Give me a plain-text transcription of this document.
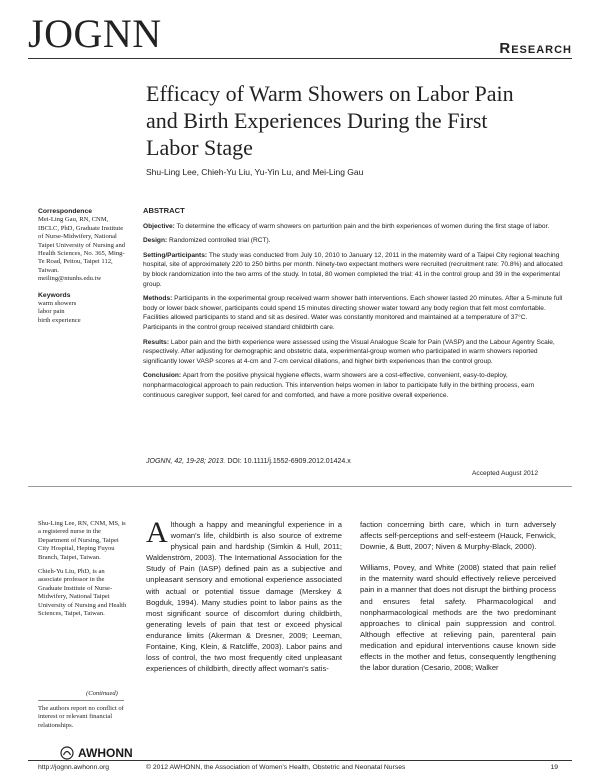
JOGNN	Research
Efficacy of Warm Showers on Labor Pain and Birth Experiences During the First Labor Stage
Shu-Ling Lee, Chieh-Yu Liu, Yu-Yin Lu, and Mei-Ling Gau
Correspondence
Mei-Ling Gau, RN, CNM, IBCLC, PhD, Graduate Institute of Nurse-Midwifery, National Taipei University of Nursing and Health Sciences, No. 365, Ming-Te Road, Peitou, Taipei 112, Taiwan.
meiling@ntunhs.edu.tw
Keywords
warm showers
labor pain
birth experience
ABSTRACT

Objective: To determine the efficacy of warm showers on parturition pain and the birth experiences of women during the first stage of labor.

Design: Randomized controlled trial (RCT).

Setting/Participants: The study was conducted from July 10, 2010 to January 12, 2011 in the maternity ward of a Taipei City regional teaching hospital, site of approximately 220 to 250 births per month. Ninety-two expectant mothers were recruited (recruitment rate: 70.8%) and allocated by block randomization into the two arms of the study. In total, 80 women completed the trial: 41 in the control group and 39 in the experimental group.

Methods: Participants in the experimental group received warm shower bath interventions. Each shower lasted 20 minutes. After a 5-minute full body or lower back shower, participants could spend 15 minutes directing shower water toward any body region that felt most comfortable. Facilities allowed participants to stand and sit as desired. Water was constantly monitored and maintained at a temperature of 37°C. Participants in the control group received standard childbirth care.

Results: Labor pain and the birth experience were assessed using the Visual Analogue Scale for Pain (VASP) and the Labour Agentry Scale, respectively. After adjusting for demographic and obstetric data, experimental-group women who participated in warm showers reported significantly lower VASP scores at 4-cm and 7-cm cervical dilations, and higher birth experiences than the control group.

Conclusion: Apart from the positive physical hygiene effects, warm showers are a cost-effective, convenient, easy-to-deploy, nonpharmacological approach to pain reduction. This intervention helps women in labor to participate fully in the birthing process, earn continuous caregiver support, feel cared for and comforted, and have a more positive overall experience.

JOGNN, 42, 19-28; 2013. DOI: 10.1111/j.1552-6909.2012.01424.x
Accepted August 2012

Shu-Ling Lee, RN, CNM, MS, is a registered nurse in the Department of Nursing, Taipei City Hospital, Heping Fuyou Branch, Taipei, Taiwan.

Chieh-Yu Liu, PhD, is an associate professor in the Graduate Institute of Nurse-Midwifery, National Taipei University of Nursing and Health Sciences, Taipei, Taiwan.

(Continued)
The authors report no conflict of interest or relevant financial relationships.
AWHONN
Although a happy and meaningful experience in a woman's life, childbirth is also source of extreme physical pain and hardship (Simkin & Hull, 2011; Waldenström, 2003). The International Association for the Study of Pain (IASP) defined pain as a subjective and unpleasant sensory and emotional experience associated with actual or potential tissue damage (Merskey & Bogduk, 1994). Many studies point to labor pains as the most significant source of discomfort during childbirth, generating levels of pain that test or exceed physical endurance limits (Akerman & Dresner, 2009; Leeman, Fontaine, King, Klein, & Ratcliffe, 2003). Labor pains and loss of control, the two most frequently cited unpleasant experiences of childbirth, directly affect woman's satis-

faction concerning birth care, which in turn adversely affects self-perceptions and self-esteem (Hauck, Fenwick, Downie, & Butt, 2007; Niven & Murphy-Black, 2000).

Williams, Povey, and White (2008) stated that pain relief in the maternity ward should effectively relieve perceived pain in a manner that does not disrupt the birthing process and ensures fetal safety. Pharmacological and nonpharmacological methods are the two predominant approaches to clinical pain suppression and control. Although effective at relieving pain, parenteral pain medication and epidural interventions cause known side effects in the mother and fetus, consequently lengthening the labor duration (Cesario, 2008; Walker

http://jognn.awhonn.org	© 2012 AWHONN, the Association of Women's Health, Obstetric and Neonatal Nurses	19
